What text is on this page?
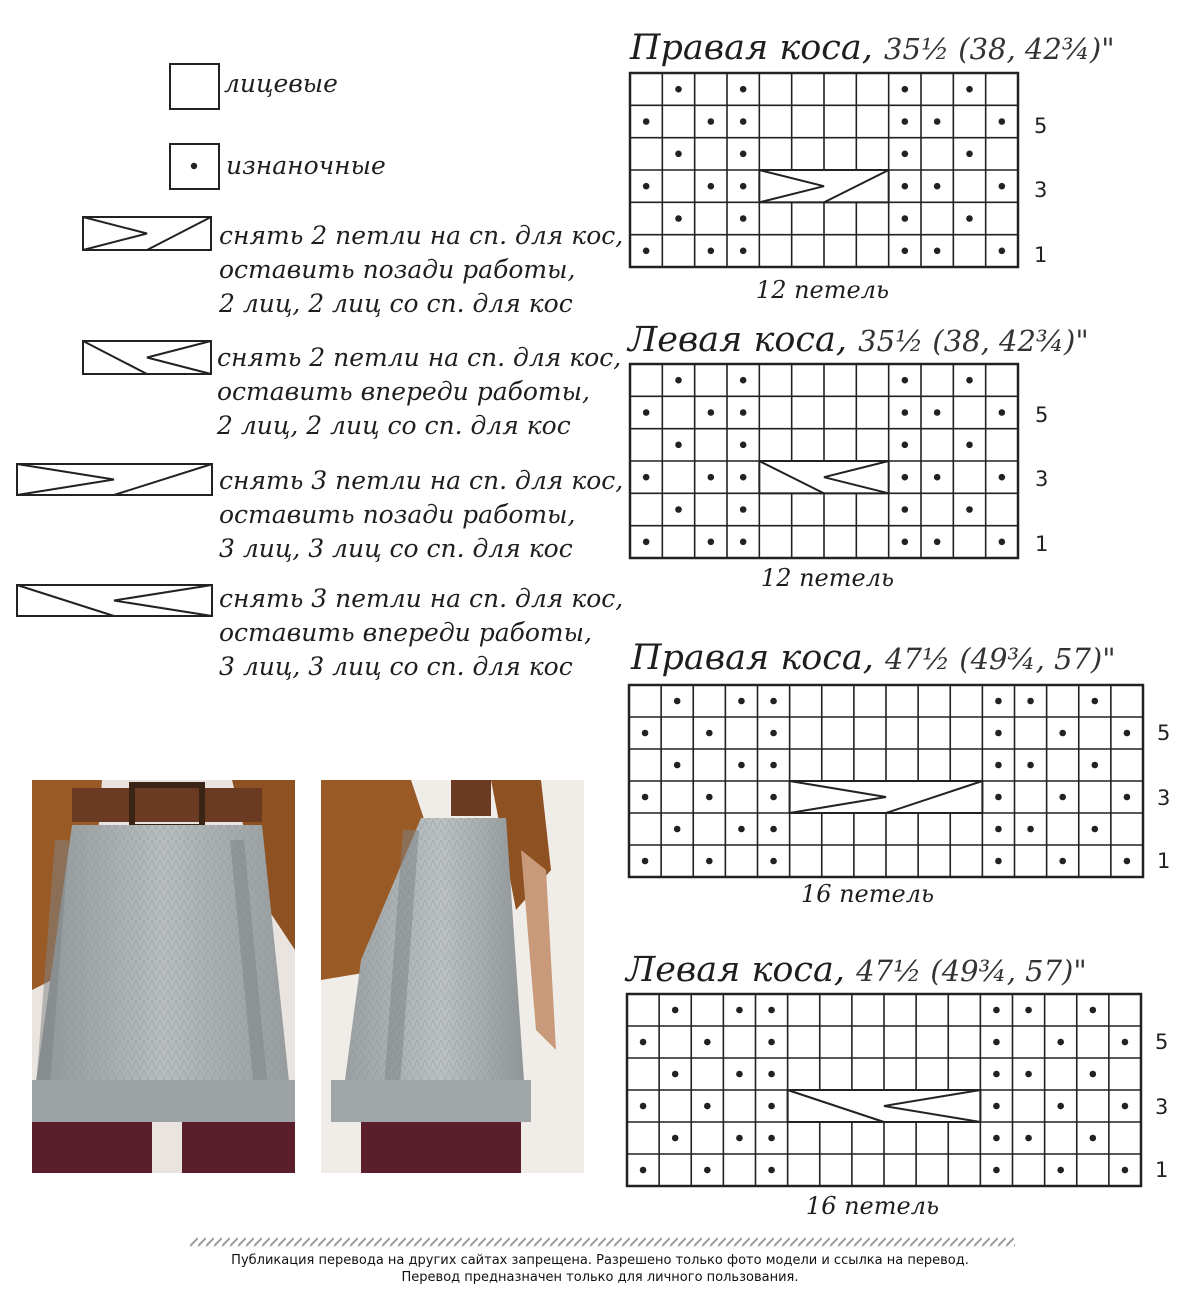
лицевые
изнаночные
снять 2 петли на сп. для кос,
оставить позади работы,
2 лиц, 2 лиц со сп. для кос
снять 2 петли на сп. для кос,
оставить впереди работы,
2 лиц, 2 лиц со сп. для кос
снять 3 петли на сп. для кос,
оставить позади работы,
3 лиц, 3 лиц со сп. для кос
снять 3 петли на сп. для кос,
оставить впереди работы,
3 лиц, 3 лиц со сп. для кос
Правая коса, 35½ (38, 42¾)"
12 петель
Левая коса, 35½ (38, 42¾)"
12 петель
Правая коса, 47½ (49¾, 57)"
16 петель
Левая коса, 47½ (49¾, 57)"
16 петель
5
3
1
5
3
1
5
3
1
5
3
1
Публикация перевода на других сайтах запрещена. Разрешено только фото модели и ссылка на перевод.
Перевод предназначен только для личного пользования.
